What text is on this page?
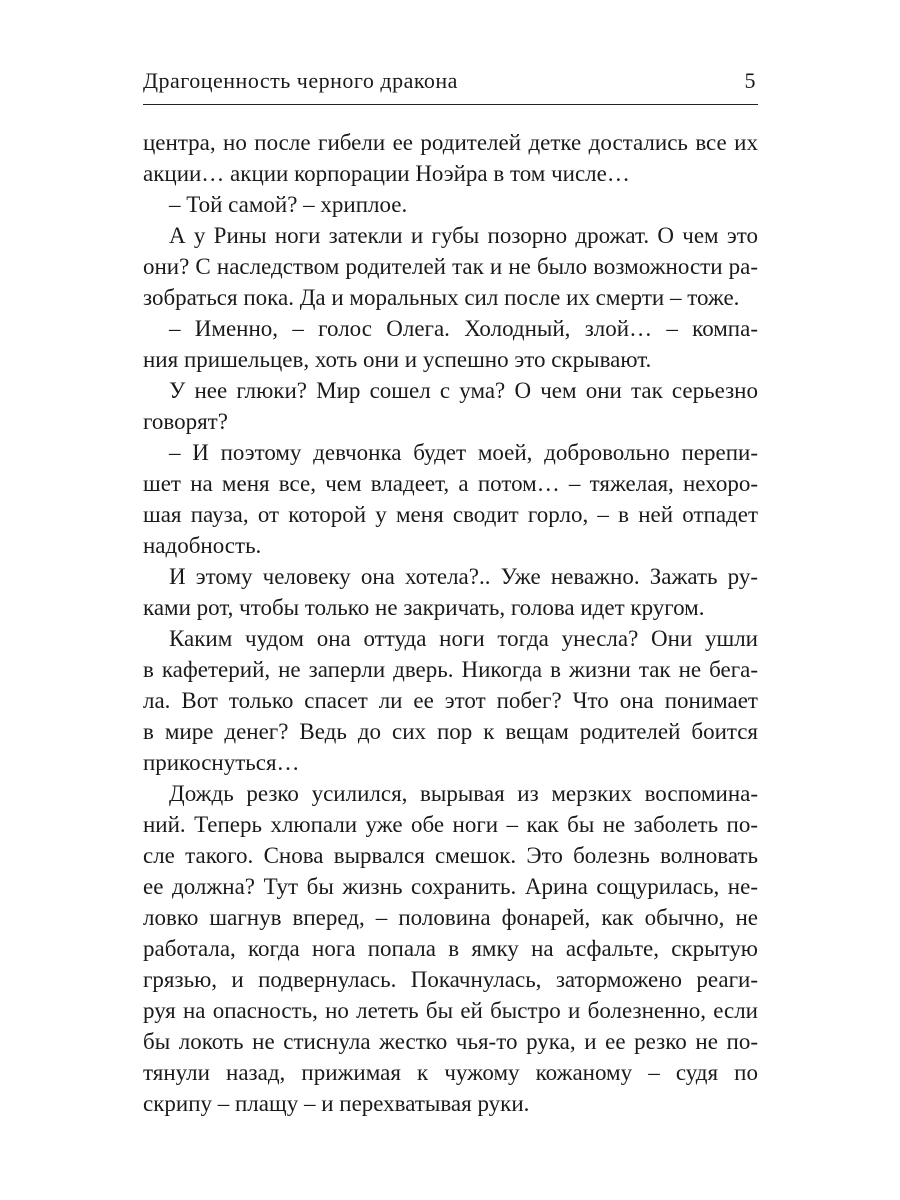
Драгоценность черного дракона	5
центра, но после гибели ее родителей детке достались все их
акции… акции корпорации Ноэйра в том числе…
– Той самой? – хриплое.
А у Рины ноги затекли и губы позорно дрожат. О чем это
они? С наследством родителей так и не было возможности ра-
зобраться пока. Да и моральных сил после их смерти – тоже.
– Именно, – голос Олега. Холодный, злой… – компа-
ния пришельцев, хоть они и успешно это скрывают.
У нее глюки? Мир сошел с ума? О чем они так серьезно
говорят?
– И поэтому девчонка будет моей, добровольно перепи-
шет на меня все, чем владеет, а потом… – тяжелая, нехоро-
шая пауза, от которой у меня сводит горло, – в ней отпадет
надобность.
И этому человеку она хотела?.. Уже неважно. Зажать ру-
ками рот, чтобы только не закричать, голова идет кругом.
Каким чудом она оттуда ноги тогда унесла? Они ушли
в кафетерий, не заперли дверь. Никогда в жизни так не бега-
ла. Вот только спасет ли ее этот побег? Что она понимает
в мире денег? Ведь до сих пор к вещам родителей боится
прикоснуться…
Дождь резко усилился, вырывая из мерзких воспомина-
ний. Теперь хлюпали уже обе ноги – как бы не заболеть по-
сле такого. Снова вырвался смешок. Это болезнь волновать
ее должна? Тут бы жизнь сохранить. Арина сощурилась, не-
ловко шагнув вперед, – половина фонарей, как обычно, не
работала, когда нога попала в ямку на асфальте, скрытую
грязью, и подвернулась. Покачнулась, заторможено реаги-
руя на опасность, но лететь бы ей быстро и болезненно, если
бы локоть не стиснула жестко чья-то рука, и ее резко не по-
тянули назад, прижимая к чужому кожаному – судя по
скрипу – плащу – и перехватывая руки.
